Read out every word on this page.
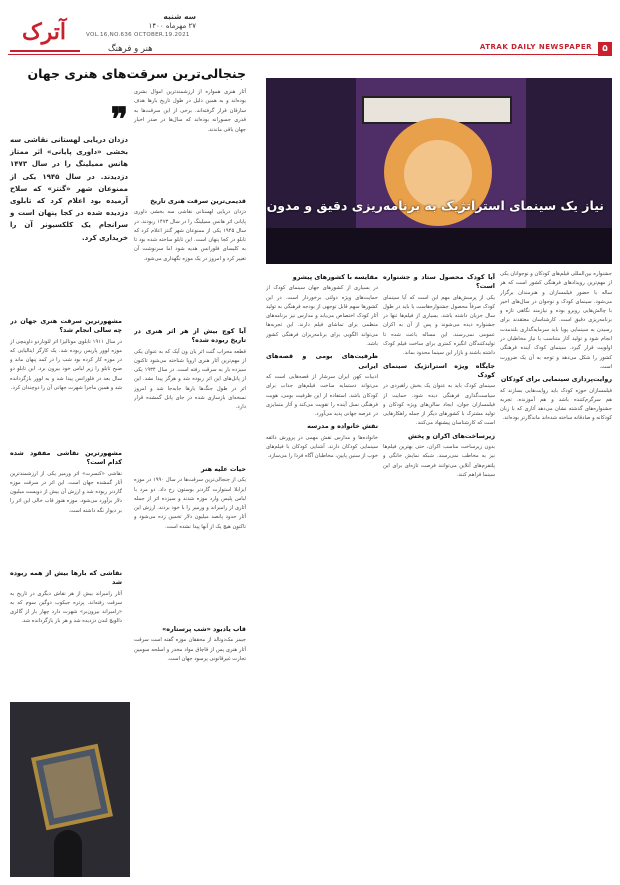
آترک
سه شنبه
۲۷ مهرماه ۱۴۰۰
VOL.16,NO.636 OCTOBER.19.2021
هنر و فرهنگ	ATRAK DAILY NEWSPAPER	۵
جنجالی‌ترین سرقت‌های هنری جهان
آثار هنری همواره از ارزشمندترین اموال بشری بوده‌اند و به همین دلیل در طول تاریخ بارها هدف سارقان قرار گرفته‌اند. برخی از این سرقت‌ها به قدری جسورانه بوده‌اند که سال‌ها در صدر اخبار جهان باقی ماندند.
❞
دزدان دریایی لهستانی نقاشی سه بخشی «داوری پایانی» اثر ممتاز هانس ممیلینگ را در سال ۱۴۷۳ دزدیدند. در سال ۱۹۴۵ یکی از ممنوعان شهر «گنتز» که سلاح آرمیده بود اعلام کرد که تابلوی دزدیده شده در کجا پنهان است و سرانجام یک کلکسیونر آن را خریداری کرد.
قدیمی‌ترین سرقت هنری تاریخ
دزدان دریایی لهستانی نقاشی سه بخشی داوری پایانی اثر هانس ممیلینگ را در سال ۱۴۷۳ ربودند. در سال ۱۹۴۵ یکی از ممنوعان شهر گنتز اعلام کرد که تابلو در کجا پنهان است. این تابلو ساخته شده بود تا به کلیسای فلورانس هدیه شود اما سرنوشت آن تغییر کرد و امروز در یک موزه نگهداری می‌شود.
آیا کوچ بیش از هر اثر هنری در تاریخ ربوده شده؟
قطعه محراب گنت اثر یان ون آیک که به عنوان یکی از مهم‌ترین آثار هنری اروپا شناخته می‌شود تاکنون سیزده بار به سرقت رفته است. در سال ۱۹۳۴ یکی از پانل‌های این اثر ربوده شد و هرگز پیدا نشد. این اثر در طول جنگ‌ها بارها جابه‌جا شد و امروز نسخه‌ای بازسازی شده در جای پانل گمشده قرار دارد.
حیات علیه هنر
یکی از جنجالی‌ترین سرقت‌ها در سال ۱۹۹۰ در موزه ایزابلا استوارت گاردنر بوستون رخ داد. دو مرد با لباس پلیس وارد موزه شدند و سیزده اثر از جمله آثاری از رامبراند و ورمیر را با خود بردند. ارزش این آثار حدود پانصد میلیون دلار تخمین زده می‌شود و تاکنون هیچ یک از آنها پیدا نشده است.
قاب یادبود «شب پرستاره»
جیمز مک‌دونالد از محققان موزه گفته است سرقت آثار هنری پس از قاچاق مواد مخدر و اسلحه سومین تجارت غیرقانونی پرسود جهان است.
مشهورترین سرقت هنری جهان در چه سالی انجام شد؟
در سال ۱۹۱۱ تابلوی مونالیزا اثر لئوناردو داوینچی از موزه لوور پاریس ربوده شد. یک کارگر ایتالیایی که در موزه کار کرده بود شب را در کمد پنهان ماند و صبح تابلو را زیر لباس خود بیرون برد. این تابلو دو سال بعد در فلورانس پیدا شد و به لوور بازگردانده شد و همین ماجرا شهرت جهانی آن را دوچندان کرد.
مشهورترین نقاشی مفقود شده کدام است؟
نقاشی «کنسرت» اثر ورمیر یکی از ارزشمندترین آثار گمشده جهان است. این اثر در سرقت موزه گاردنر ربوده شد و ارزش آن بیش از دویست میلیون دلار برآورد می‌شود. موزه هنوز قاب خالی این اثر را بر دیوار نگه داشته است.
نقاشی که بارها بیش از همه ربوده شد
آثار رامبراند بیش از هر نقاش دیگری در تاریخ به سرقت رفته‌اند. پرتره جیکوب دوگین سوم که به «رامبراند بیرون‌بر» شهرت دارد چهار بار از گالری دالویچ لندن دزدیده شد و هر بار بازگردانده شد.
نیاز یک سینمای استراتژیک به برنامه‌ریزی دقیق و مدون
جشنواره بین‌المللی فیلم‌های کودکان و نوجوانان یکی از مهم‌ترین رویدادهای فرهنگی کشور است که هر ساله با حضور فیلمسازان و هنرمندان برگزار می‌شود. سینمای کودک و نوجوان در سال‌های اخیر با چالش‌هایی روبرو بوده و نیازمند نگاهی تازه و برنامه‌ریزی دقیق است. کارشناسان معتقدند برای رسیدن به سینمایی پویا باید سرمایه‌گذاری بلندمدت انجام شود و تولید آثار متناسب با نیاز مخاطبان در اولویت قرار گیرد. سینمای کودک آینده فرهنگی کشور را شکل می‌دهد و توجه به آن یک ضرورت است.
روایت‌پردازی سینمایی برای کودکان
فیلمسازان حوزه کودک باید روایت‌هایی بسازند که هم سرگرم‌کننده باشد و هم آموزنده. تجربه جشنواره‌های گذشته نشان می‌دهد آثاری که با زبان کودکانه و صادقانه ساخته شده‌اند ماندگارتر بوده‌اند.
آیا کودک محصول ستاد و جشنواره است؟
یکی از پرسش‌های مهم این است که آیا سینمای کودک صرفاً محصول جشنواره‌هاست یا باید در طول سال جریان داشته باشد. بسیاری از فیلم‌ها تنها در جشنواره دیده می‌شوند و پس از آن به اکران عمومی نمی‌رسند. این مساله باعث شده تا تولیدکنندگان انگیزه کمتری برای ساخت فیلم کودک داشته باشند و بازار این سینما محدود بماند.
جایگاه ویژه استراتژیک سینمای کودک
سینمای کودک باید به عنوان یک بخش راهبردی در سیاست‌گذاری فرهنگی دیده شود. حمایت از فیلمسازان جوان، ایجاد سالن‌های ویژه کودکان و تولید مشترک با کشورهای دیگر از جمله راهکارهایی است که کارشناسان پیشنهاد می‌کنند.
زیرساخت‌های اکران و پخش
بدون زیرساخت مناسب اکران، حتی بهترین فیلم‌ها نیز به مخاطب نمی‌رسند. شبکه نمایش خانگی و پلتفرم‌های آنلاین می‌توانند فرصت تازه‌ای برای این سینما فراهم کنند.
مقایسه با کشورهای پیشرو
در بسیاری از کشورهای جهان سینمای کودک از حمایت‌های ویژه دولتی برخوردار است. در این کشورها سهم قابل توجهی از بودجه فرهنگی به تولید آثار کودک اختصاص می‌یابد و مدارس نیز برنامه‌های منظمی برای تماشای فیلم دارند. این تجربه‌ها می‌تواند الگویی برای برنامه‌ریزان فرهنگی کشور باشد.
ظرفیت‌های بومی و قصه‌های ایرانی
ادبیات کهن ایران سرشار از قصه‌هایی است که می‌تواند دستمایه ساخت فیلم‌های جذاب برای کودکان باشد. استفاده از این ظرفیت بومی، هویت فرهنگی نسل آینده را تقویت می‌کند و آثار متمایزی در عرصه جهانی پدید می‌آورد.
نقش خانواده و مدرسه
خانواده‌ها و مدارس نقش مهمی در پرورش ذائقه سینمایی کودکان دارند. آشنایی کودکان با فیلم‌های خوب از سنین پایین، مخاطبان آگاه فردا را می‌سازد.
